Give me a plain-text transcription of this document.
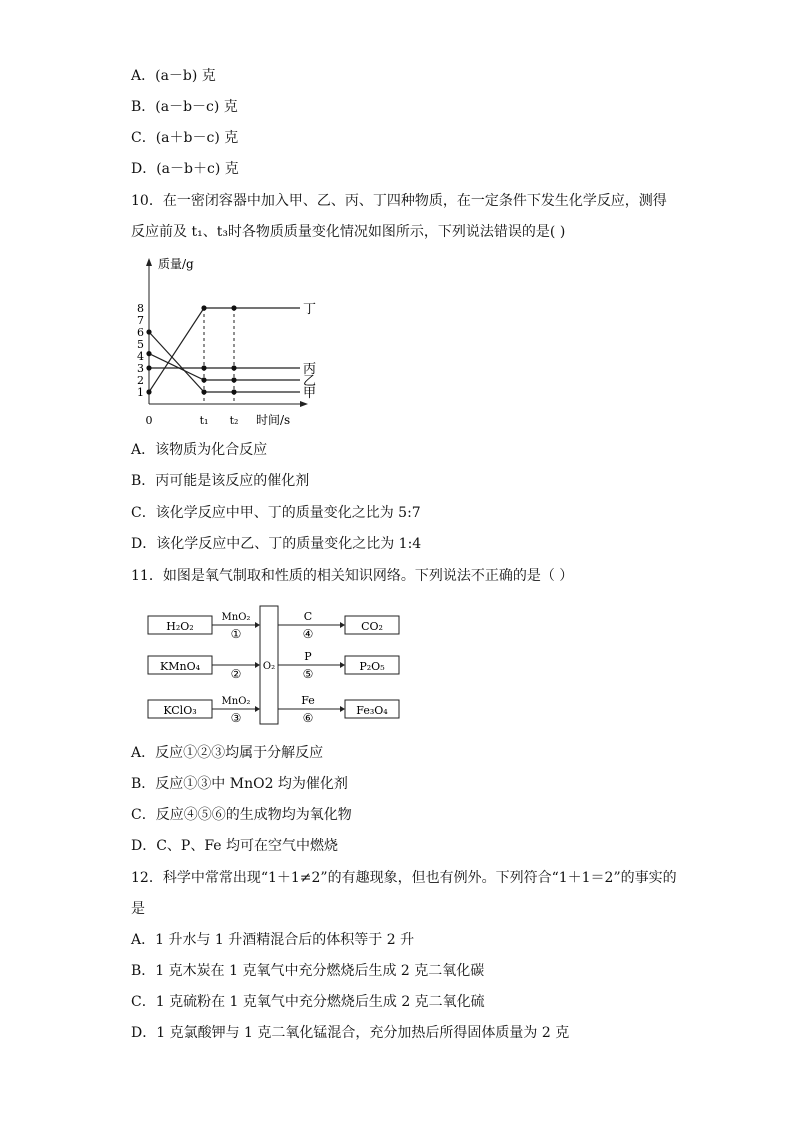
A．(a－b) 克
B．(a－b－c) 克
C．(a＋b－c) 克
D．(a－b＋c) 克
10．在一密闭容器中加入甲、乙、丙、丁四种物质，在一定条件下发生化学反应，测得
反应前及 t₁、t₃时各物质质量变化情况如图所示，下列说法错误的是( )
质量/g
时间/s
1
2
3
4
5
6
7
8
0	t₁ t₂
丁
丙
乙
甲
A．该物质为化合反应
B．丙可能是该反应的催化剂
C．该化学反应中甲、丁的质量变化之比为 5:7
D．该化学反应中乙、丁的质量变化之比为 1:4
11．如图是氧气制取和性质的相关知识网络。下列说法不正确的是（ ）
H₂O₂
KMnO₄
KClO₃
MnO₂
MnO₂
①
②
③
O₂
C
P
Fe
④
⑤
⑥
CO₂
P₂O₅
Fe₃O₄
A．反应①②③均属于分解反应
B．反应①③中 MnO2 均为催化剂
C．反应④⑤⑥的生成物均为氧化物
D．C、P、Fe 均可在空气中燃烧
12．科学中常常出现“1＋1≠2”的有趣现象，但也有例外。下列符合“1＋1＝2”的事实的
是
A．1 升水与 1 升酒精混合后的体积等于 2 升
B．1 克木炭在 1 克氧气中充分燃烧后生成 2 克二氧化碳
C．1 克硫粉在 1 克氧气中充分燃烧后生成 2 克二氧化硫
D．1 克氯酸钾与 1 克二氧化锰混合，充分加热后所得固体质量为 2 克
